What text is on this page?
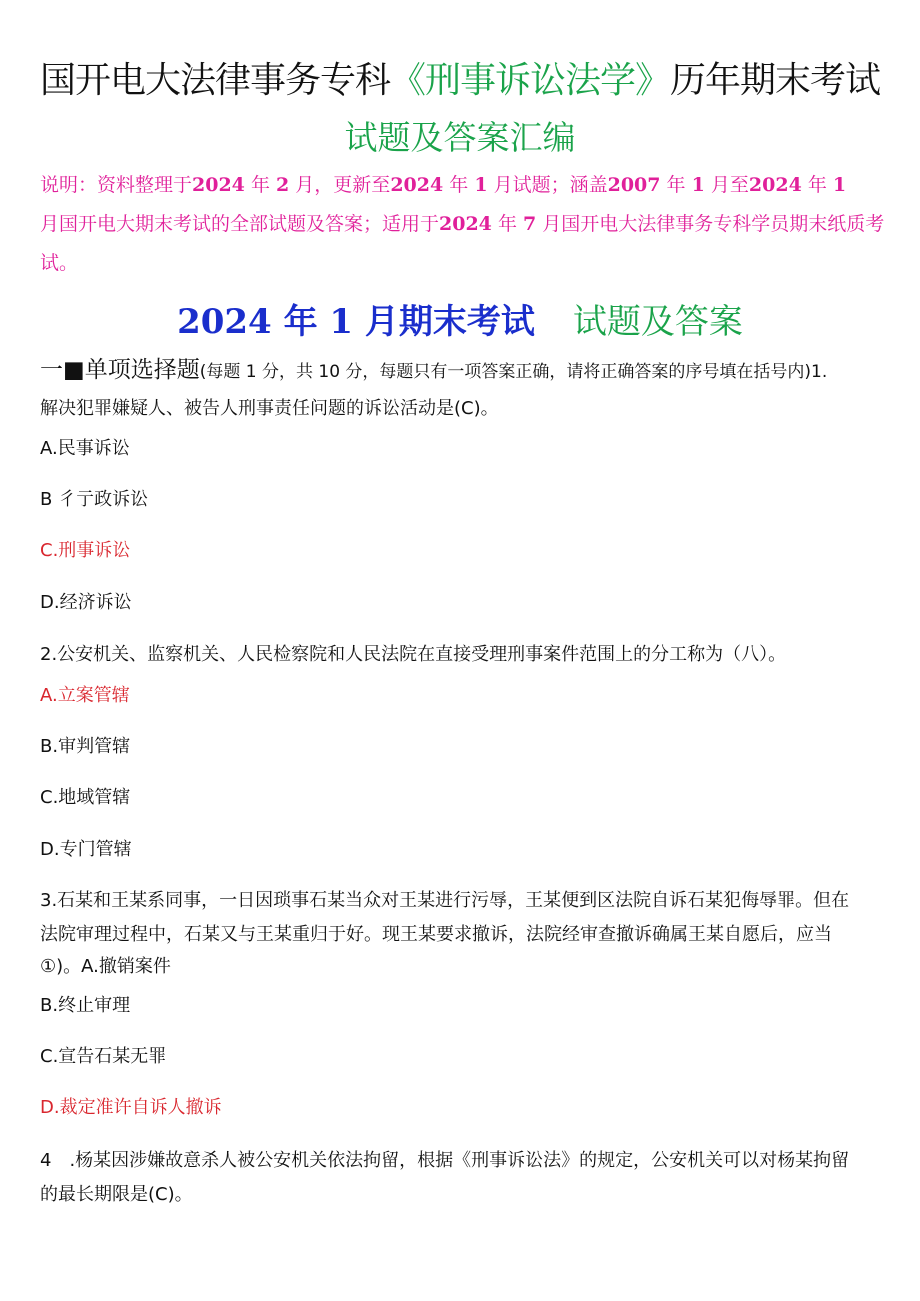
国开电大法律事务专科《刑事诉讼法学》历年期末考试
试题及答案汇编
说明：资料整理于2024 年 2 月，更新至2024 年 1 月试题；涵盖2007 年 1 月至2024 年 1
月国开电大期末考试的全部试题及答案；适用于2024 年 7 月国开电大法律事务专科学员期末纸质考试。
2024 年 1 月期末考试 试题及答案
一■单项选择题(每题 1 分，共 10 分，每题只有一项答案正确，请将正确答案的序号填在括号内)1.
解决犯罪嫌疑人、被告人刑事责任问题的诉讼活动是(C)。
A.民事诉讼
B 彳亍政诉讼
C.刑事诉讼
D.经济诉讼
2.公安机关、监察机关、人民检察院和人民法院在直接受理刑事案件范围上的分工称为（八）。
A.立案管辖
B.审判管辖
C.地域管辖
D.专门管辖
3.石某和王某系同事，一日因琐事石某当众对王某进行污辱，王某便到区法院自诉石某犯侮辱罪。但在
法院审理过程中，石某又与王某重归于好。现王某要求撤诉，法院经审查撤诉确属王某自愿后，应当
①)。A.撤销案件
B.终止审理
C.宣告石某无罪
D.裁定准许自诉人撤诉
4 .杨某因涉嫌故意杀人被公安机关依法拘留，根据《刑事诉讼法》的规定，公安机关可以对杨某拘留
的最长期限是(C)。
